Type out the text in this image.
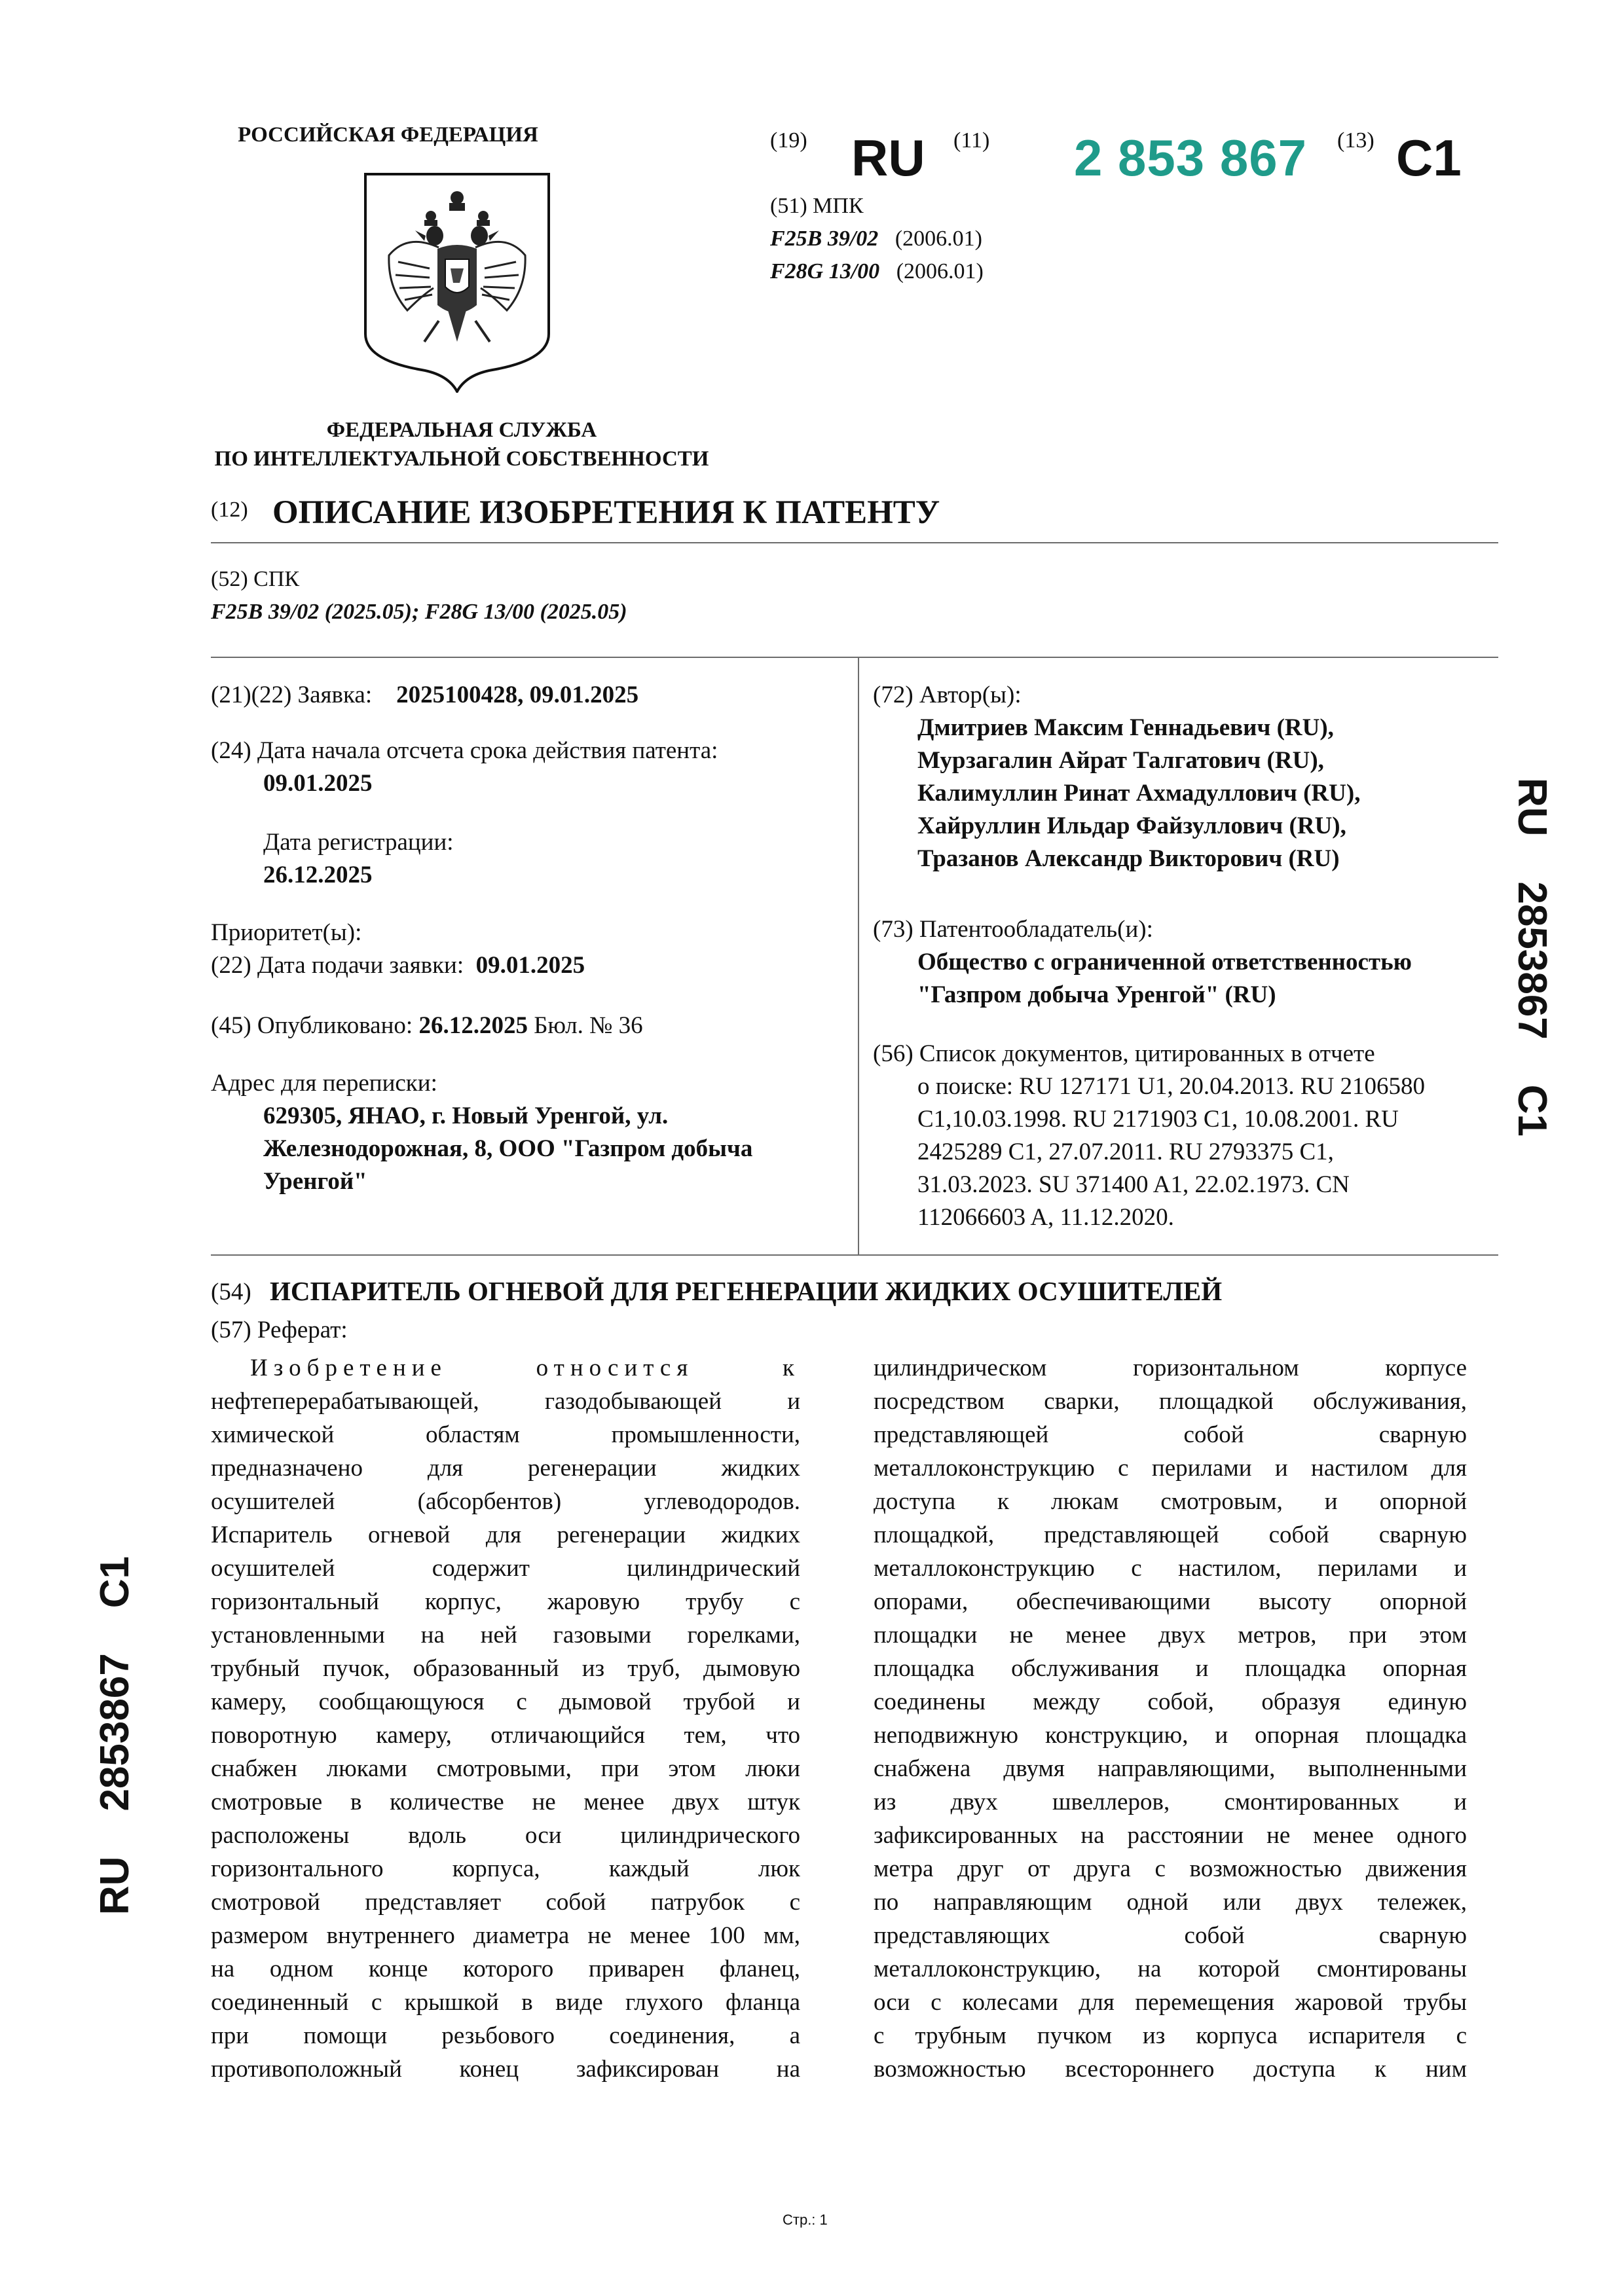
РОССИЙСКАЯ ФЕДЕРАЦИЯ
ФЕДЕРАЛЬНАЯ СЛУЖБА
ПО ИНТЕЛЛЕКТУАЛЬНОЙ СОБСТВЕННОСТИ
(19) RU (11) 2 853 867 (13) C1
(51) МПК
F25B 39/02 (2006.01)
F28G 13/00 (2006.01)
(12) ОПИСАНИЕ ИЗОБРЕТЕНИЯ К ПАТЕНТУ
(52) СПК
F25B 39/02 (2025.05); F28G 13/00 (2025.05)
(21)(22) Заявка: 2025100428, 09.01.2025
(24) Дата начала отсчета срока действия патента:
09.01.2025
Дата регистрации:
26.12.2025
Приоритет(ы):
(22) Дата подачи заявки: 09.01.2025
(45) Опубликовано: 26.12.2025 Бюл. № 36
Адрес для переписки:
629305, ЯНАО, г. Новый Уренгой, ул.
Железнодорожная, 8, ООО "Газпром добыча
Уренгой"
(72) Автор(ы):
Дмитриев Максим Геннадьевич (RU),
Мурзагалин Айрат Талгатович (RU),
Калимуллин Ринат Ахмадуллович (RU),
Хайруллин Ильдар Файзуллович (RU),
Тразанов Александр Викторович (RU)
(73) Патентообладатель(и):
Общество с ограниченной ответственностью
"Газпром добыча Уренгой" (RU)
(56) Список документов, цитированных в отчете
о поиске: RU 127171 U1, 20.04.2013. RU 2106580
C1,10.03.1998. RU 2171903 C1, 10.08.2001. RU
2425289 C1, 27.07.2011. RU 2793375 C1,
31.03.2023. SU 371400 A1, 22.02.1973. CN
112066603 A, 11.12.2020.
(54) ИСПАРИТЕЛЬ ОГНЕВОЙ ДЛЯ РЕГЕНЕРАЦИИ ЖИДКИХ ОСУШИТЕЛЕЙ
(57) Реферат:
Изобретение относится к
нефтеперерабатывающей, газодобывающей и
химической областям промышленности,
предназначено для регенерации жидких
осушителей (абсорбентов) углеводородов.
Испаритель огневой для регенерации жидких
осушителей содержит цилиндрический
горизонтальный корпус, жаровую трубу с
установленными на ней газовыми горелками,
трубный пучок, образованный из труб, дымовую
камеру, сообщающуюся с дымовой трубой и
поворотную камеру, отличающийся тем, что
снабжен люками смотровыми, при этом люки
смотровые в количестве не менее двух штук
расположены вдоль оси цилиндрического
горизонтального корпуса, каждый люк
смотровой представляет собой патрубок с
размером внутреннего диаметра не менее 100 мм,
на одном конце которого приварен фланец,
соединенный с крышкой в виде глухого фланца
при помощи резьбового соединения, а
противоположный конец зафиксирован на
цилиндрическом горизонтальном корпусе
посредством сварки, площадкой обслуживания,
представляющей собой сварную
металлоконструкцию с перилами и настилом для
доступа к люкам смотровым, и опорной
площадкой, представляющей собой сварную
металлоконструкцию с настилом, перилами и
опорами, обеспечивающими высоту опорной
площадки не менее двух метров, при этом
площадка обслуживания и площадка опорная
соединены между собой, образуя единую
неподвижную конструкцию, и опорная площадка
снабжена двумя направляющими, выполненными
из двух швеллеров, смонтированных и
зафиксированных на расстоянии не менее одного
метра друг от друга с возможностью движения
по направляющим одной или двух тележек,
представляющих собой сварную
металлоконструкцию, на которой смонтированы
оси с колесами для перемещения жаровой трубы
с трубным пучком из корпуса испарителя с
возможностью всестороннего доступа к ним
RU    2853867    C1
RU    2853867    C1
Стр.: 1
